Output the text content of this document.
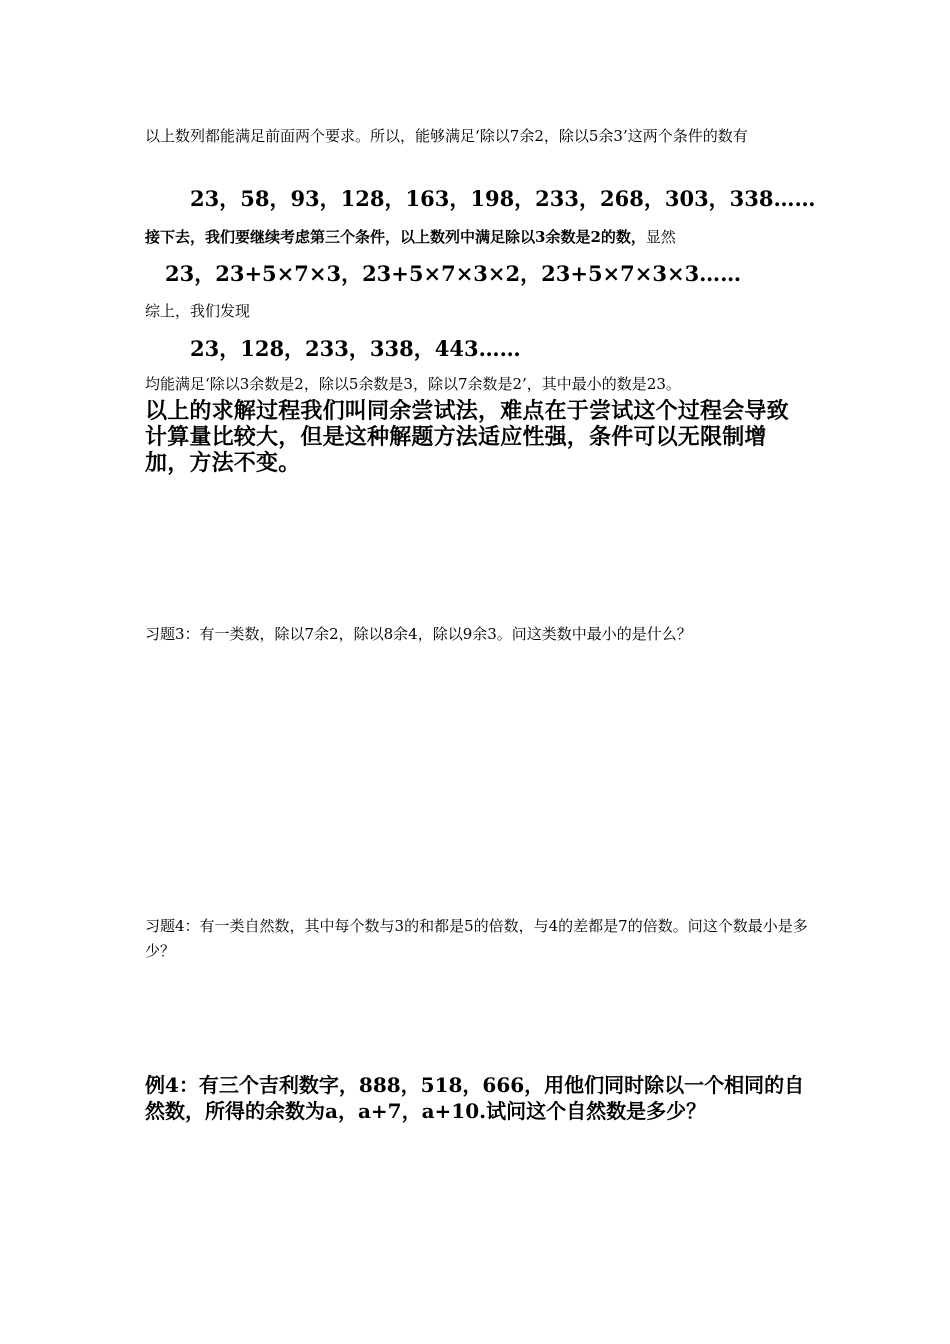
以上数列都能满足前面两个要求。所以，能够满足‘除以7余2，除以5余3’这两个条件的数有

23，58，93，128，163，198，233，268，303，338……

接下去，我们要继续考虑第三个条件，以上数列中满足除以3余数是2的数，显然

23，23+5×7×3，23+5×7×3×2，23+5×7×3×3……

综上，我们发现

23，128，233，338，443……

均能满足‘除以3余数是2，除以5余数是3，除以7余数是2’，其中最小的数是23。

以上的求解过程我们叫同余尝试法，难点在于尝试这个过程会导致计算量比较大，但是这种解题方法适应性强，条件可以无限制增加，方法不变。

习题3：有一类数，除以7余2，除以8余4，除以9余3。问这类数中最小的是什么？

习题4：有一类自然数，其中每个数与3的和都是5的倍数，与4的差都是7的倍数。问这个数最小是多少？

例4：有三个吉利数字，888，518，666，用他们同时除以一个相同的自然数，所得的余数为a，a+7，a+10.试问这个自然数是多少？
